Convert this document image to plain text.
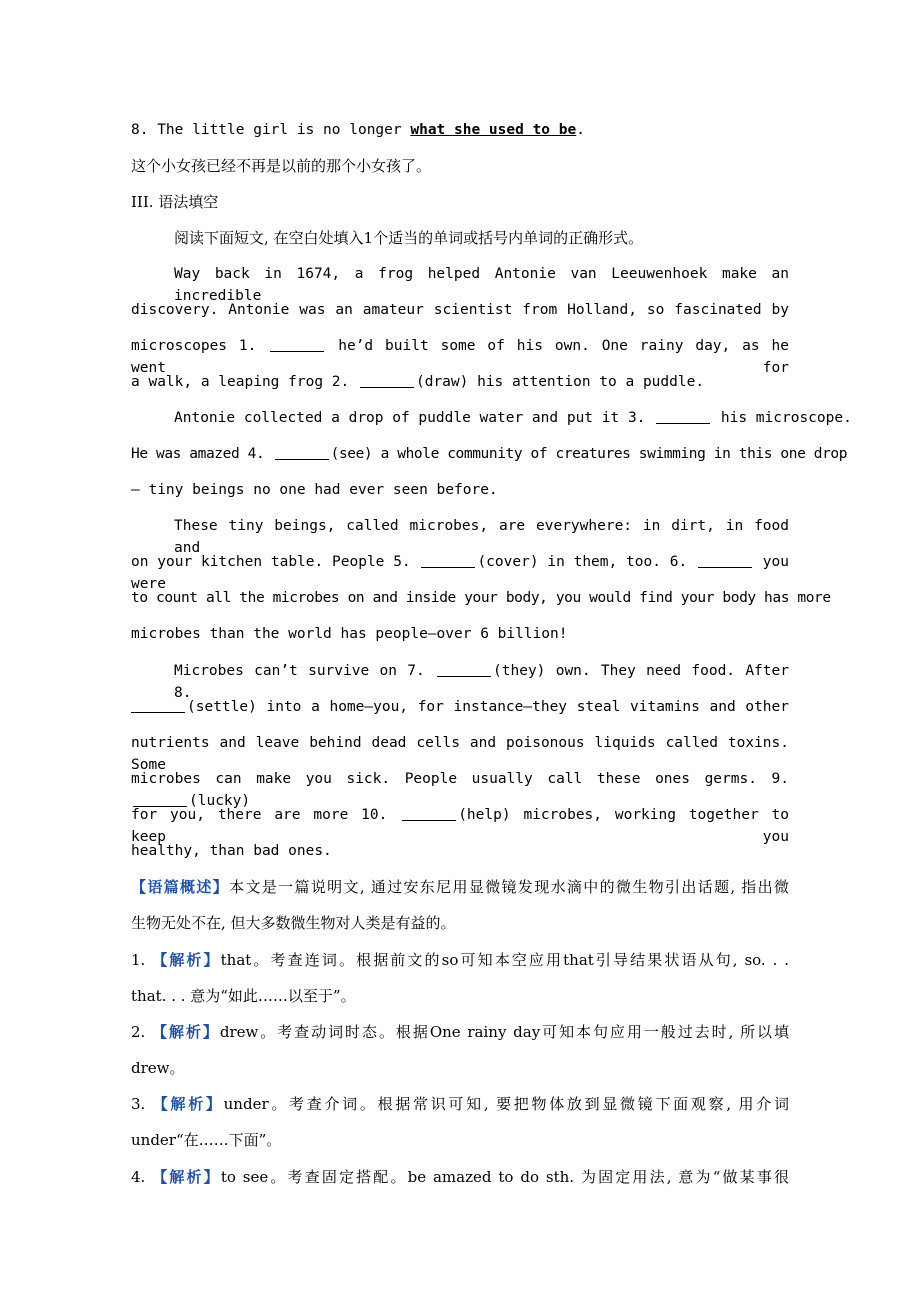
8. The little girl is no longer what she used to be.
这个小女孩已经不再是以前的那个小女孩了。
III. 语法填空
阅读下面短文, 在空白处填入1个适当的单词或括号内单词的正确形式。
Way back in 1674, a frog helped Antonie van Leeuwenhoek make an incredible
discovery. Antonie was an amateur scientist from Holland, so fascinated by
microscopes 1.	he’d built some of his own. One rainy day, as he went for
a walk, a leaping frog 2.	(draw) his attention to a puddle.
Antonie collected a drop of puddle water and put it 3.	his microscope.
He was amazed 4.	(see) a whole community of creatures swimming in this one drop
— tiny beings no one had ever seen before.
These tiny beings, called microbes, are everywhere: in dirt, in food and
on your kitchen table. People 5.	(cover) in them, too. 6.	you were
to count all the microbes on and inside your body, you would find your body has more
microbes than the world has people—over 6 billion!
Microbes can’t survive on 7.	(they) own. They need food. After 8.
(settle) into a home—you, for instance—they steal vitamins and other
nutrients and leave behind dead cells and poisonous liquids called toxins. Some
microbes can make you sick. People usually call these ones germs. 9. (lucky)
for you, there are more 10.	(help) microbes, working together to keep you
healthy, than bad ones.
【语篇概述】本文是一篇说明文, 通过安东尼用显微镜发现水滴中的微生物引出话题, 指出微
生物无处不在, 但大多数微生物对人类是有益的。
1. 【解析】that。考查连词。根据前文的so可知本空应用that引导结果状语从句, so. . .
that. . . 意为“如此……以至于”。
2. 【解析】drew。考查动词时态。根据One rainy day可知本句应用一般过去时, 所以填
drew。
3. 【解析】under。考查介词。根据常识可知, 要把物体放到显微镜下面观察, 用介词
under“在……下面”。
4. 【解析】to see。考查固定搭配。be amazed to do sth. 为固定用法, 意为“做某事很
